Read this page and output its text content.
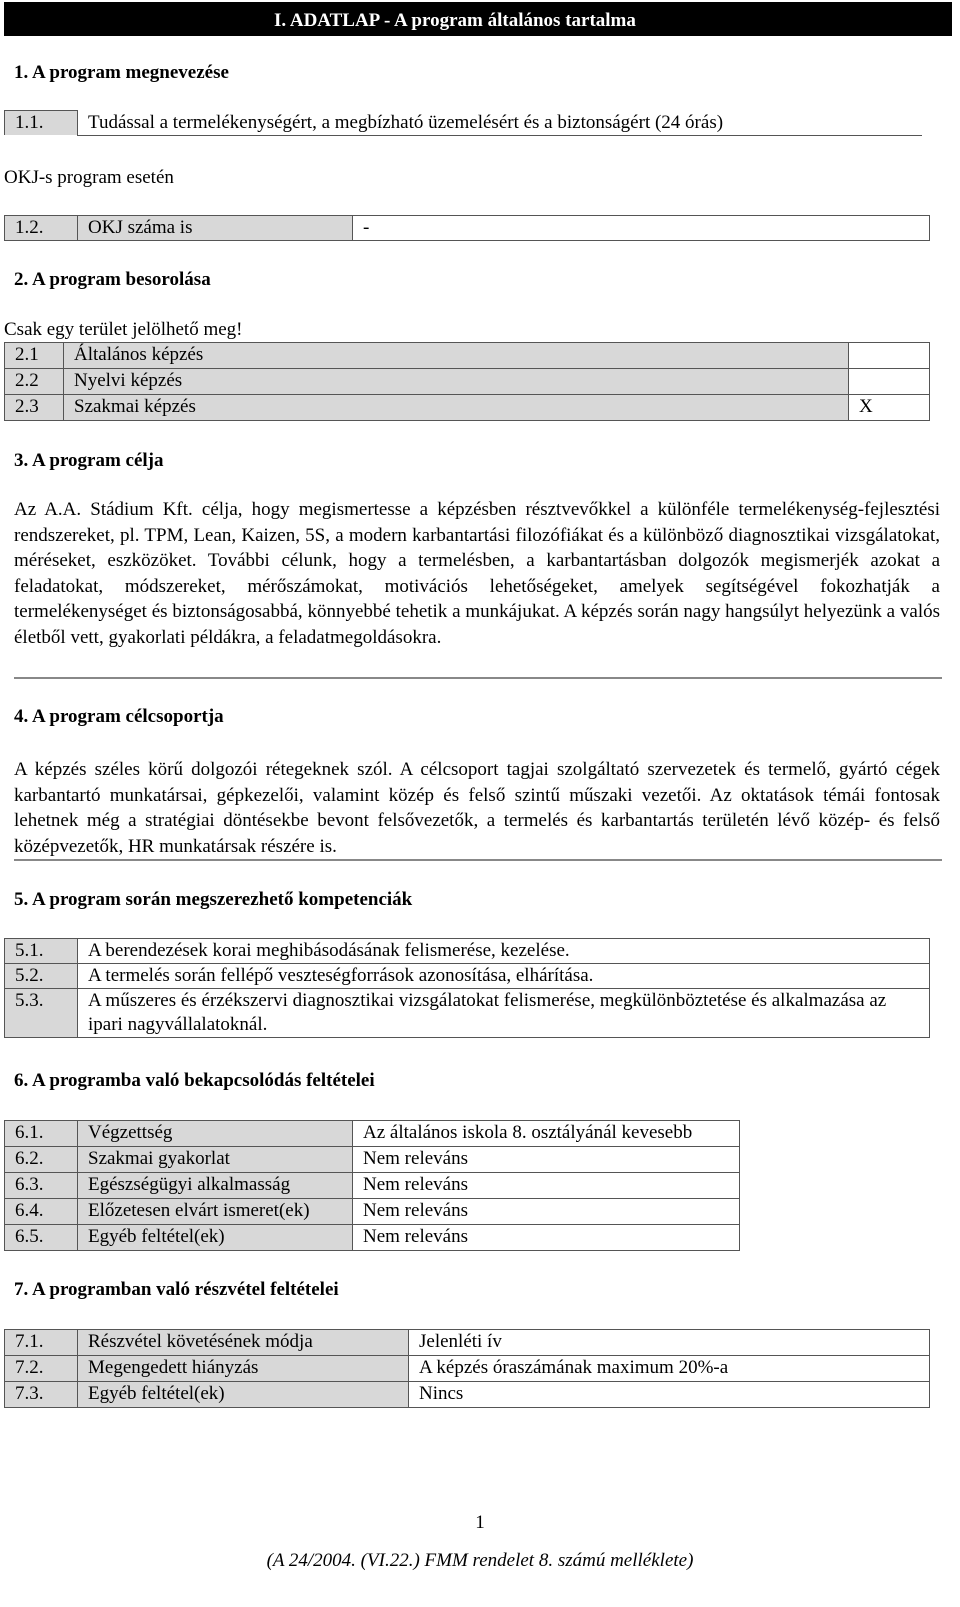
I. ADATLAP - A program általános tartalma
1. A program megnevezése
1.1.	Tudással a termelékenységért, a megbízható üzemelésért és a biztonságért (24 órás)
OKJ-s program esetén
1.2.	OKJ száma is	-
2. A program besorolása
Csak egy terület jelölhető meg!
2.1	Általános képzés	
2.2	Nyelvi képzés	
2.3	Szakmai képzés	X
3. A program célja
Az A.A. Stádium Kft. célja, hogy megismertesse a képzésben résztvevőkkel a különféle termelékenység-fejlesztési rendszereket, pl. TPM, Lean, Kaizen, 5S, a modern karbantartási filozófiákat és a különböző diagnosztikai vizsgálatokat, méréseket, eszközöket. További célunk, hogy a termelésben, a karbantartásban dolgozók megismerjék azokat a feladatokat, módszereket, mérőszámokat, motivációs lehetőségeket, amelyek segítségével fokozhatják a termelékenységet és biztonságosabbá, könnyebbé tehetik a munkájukat. A képzés során nagy hangsúlyt helyezünk a valós életből vett, gyakorlati példákra, a feladatmegoldásokra.
4. A program célcsoportja
A képzés széles körű dolgozói rétegeknek szól. A célcsoport tagjai szolgáltató szervezetek és termelő, gyártó cégek karbantartó munkatársai, gépkezelői, valamint közép és felső szintű műszaki vezetői. Az oktatások témái fontosak lehetnek még a stratégiai döntésekbe bevont felsővezetők, a termelés és karbantartás területén lévő közép- és felső középvezetők, HR munkatársak részére is.
5. A program során megszerezhető kompetenciák
5.1.	A berendezések korai meghibásodásának felismerése, kezelése.
5.2.	A termelés során fellépő veszteségforrások azonosítása, elhárítása.
5.3.	A műszeres és érzékszervi diagnosztikai vizsgálatokat felismerése, megkülönböztetése és alkalmazása az ipari nagyvállalatoknál.
6. A programba való bekapcsolódás feltételei
6.1.	Végzettség	Az általános iskola 8. osztályánál kevesebb
6.2.	Szakmai gyakorlat	Nem releváns
6.3.	Egészségügyi alkalmasság	Nem releváns
6.4.	Előzetesen elvárt ismeret(ek)	Nem releváns
6.5.	Egyéb feltétel(ek)	Nem releváns
7. A programban való részvétel feltételei
7.1.	Részvétel követésének módja	Jelenléti ív
7.2.	Megengedett hiányzás	A képzés óraszámának maximum 20%-a
7.3.	Egyéb feltétel(ek)	Nincs
1
(A 24/2004. (VI.22.) FMM rendelet 8. számú melléklete)
